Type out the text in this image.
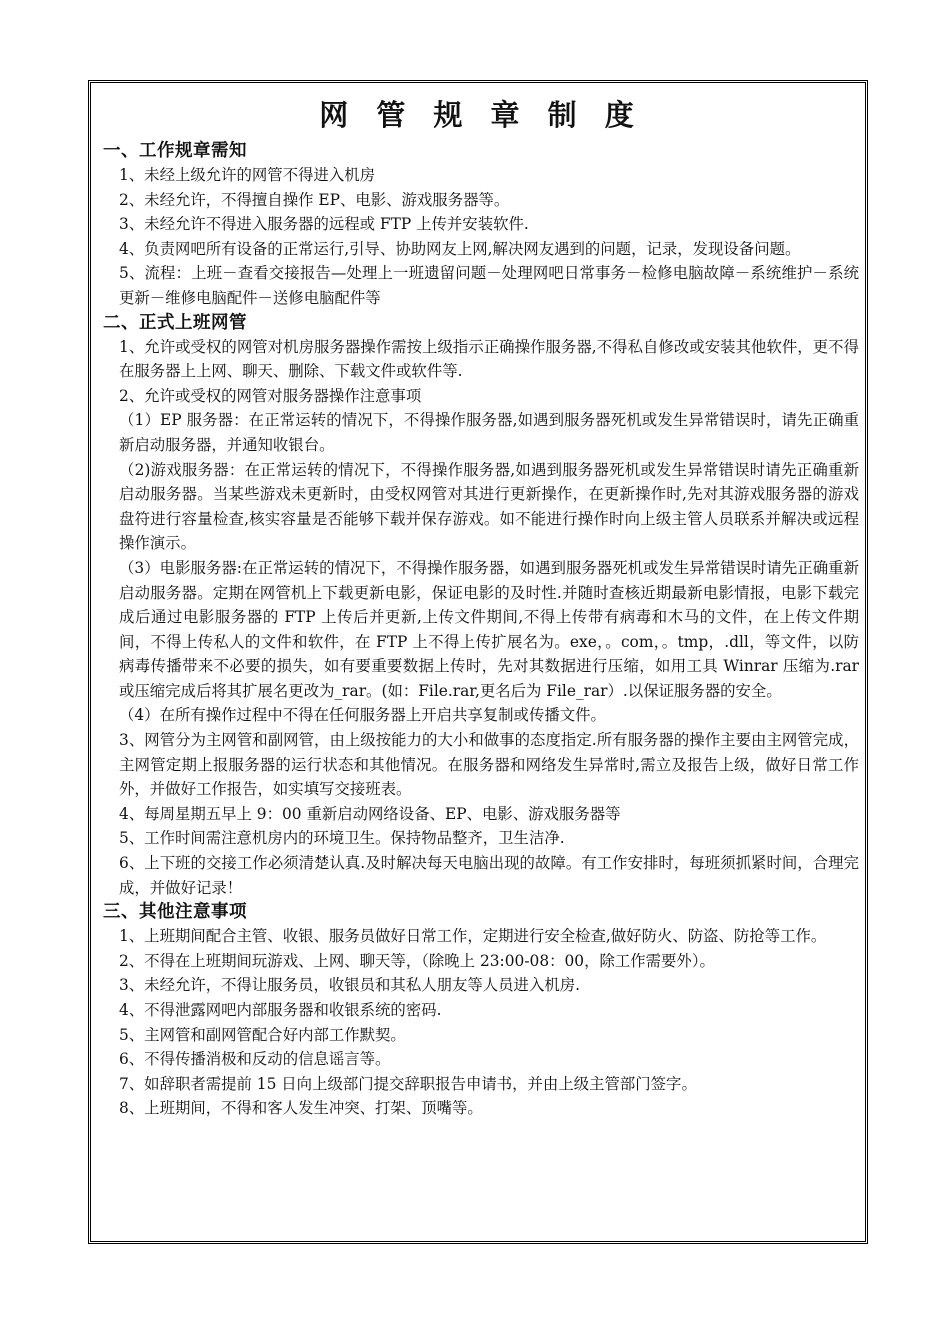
网 管 规 章 制 度
一、工作规章需知

1、未经上级允许的网管不得进入机房

2、未经允许，不得擅自操作 EP、电影、游戏服务器等。

3、未经允许不得进入服务器的远程或 FTP 上传并安装软件.

4、负责网吧所有设备的正常运行,引导、协助网友上网,解决网友遇到的问题，记录，发现设备问题。

5、流程：上班－查看交接报告—处理上一班遗留问题－处理网吧日常事务－检修电脑故障－系统维护－系统更新－维修电脑配件－送修电脑配件等

二、正式上班网管

1、允许或受权的网管对机房服务器操作需按上级指示正确操作服务器,不得私自修改或安装其他软件，更不得在服务器上上网、聊天、删除、下载文件或软件等.

2、允许或受权的网管对服务器操作注意事项

（1）EP 服务器：在正常运转的情况下，不得操作服务器,如遇到服务器死机或发生异常错误时，请先正确重新启动服务器，并通知收银台。

（2)游戏服务器：在正常运转的情况下，不得操作服务器,如遇到服务器死机或发生异常错误时请先正确重新启动服务器。当某些游戏未更新时，由受权网管对其进行更新操作，在更新操作时,先对其游戏服务器的游戏盘符进行容量检查,核实容量是否能够下载并保存游戏。如不能进行操作时向上级主管人员联系并解决或远程操作演示。

（3）电影服务器:在正常运转的情况下，不得操作服务器，如遇到服务器死机或发生异常错误时请先正确重新启动服务器。定期在网管机上下载更新电影，保证电影的及时性.并随时查核近期最新电影情报，电影下载完成后通过电影服务器的 FTP 上传后并更新,上传文件期间,不得上传带有病毒和木马的文件，在上传文件期间，不得上传私人的文件和软件，在 FTP 上不得上传扩展名为。exe，。com，。tmp，.dll，等文件，以防病毒传播带来不必要的损失，如有要重要数据上传时，先对其数据进行压缩，如用工具 Winrar 压缩为.rar 或压缩完成后将其扩展名更改为_rar。(如：File.rar,更名后为 File_rar）.以保证服务器的安全。

（4）在所有操作过程中不得在任何服务器上开启共享复制或传播文件。

3、网管分为主网管和副网管，由上级按能力的大小和做事的态度指定.所有服务器的操作主要由主网管完成，主网管定期上报服务器的运行状态和其他情况。在服务器和网络发生异常时,需立及报告上级，做好日常工作外，并做好工作报告，如实填写交接班表。

4、每周星期五早上 9：00 重新启动网络设备、EP、电影、游戏服务器等

5、工作时间需注意机房内的环境卫生。保持物品整齐，卫生洁净.

6、上下班的交接工作必须清楚认真.及时解决每天电脑出现的故障。有工作安排时，每班须抓紧时间，合理完成，并做好记录！

三、其他注意事项

1、上班期间配合主管、收银、服务员做好日常工作，定期进行安全检查,做好防火、防盗、防抢等工作。

2、不得在上班期间玩游戏、上网、聊天等，（除晚上 23:00-08：00，除工作需要外）。

3、未经允许，不得让服务员，收银员和其私人朋友等人员进入机房.

4、不得泄露网吧内部服务器和收银系统的密码.

5、主网管和副网管配合好内部工作默契。

6、不得传播消极和反动的信息谣言等。

7、如辞职者需提前 15 日向上级部门提交辞职报告申请书，并由上级主管部门签字。

8、上班期间，不得和客人发生冲突、打架、顶嘴等。
